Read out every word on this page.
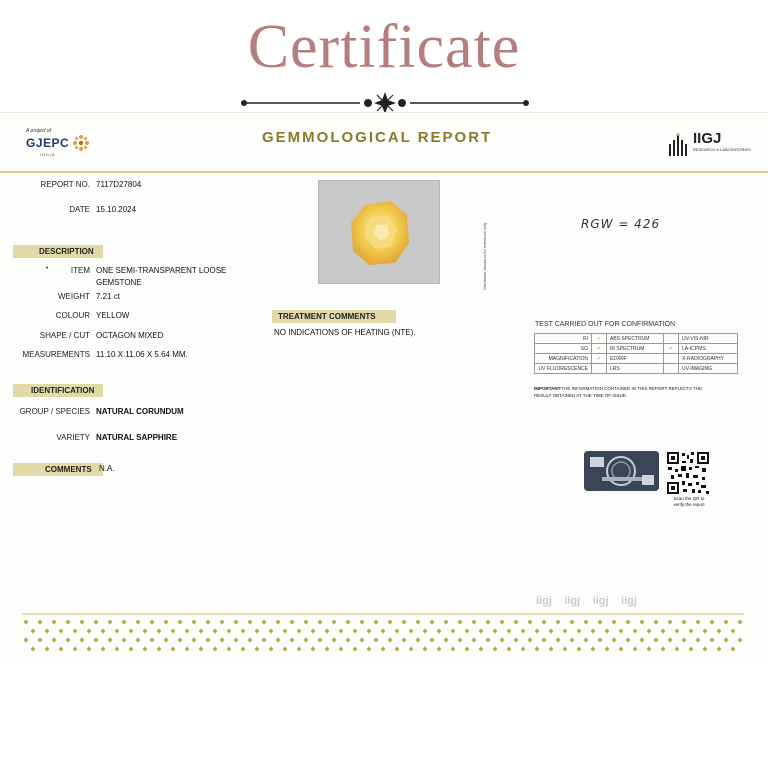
Certificate
A project of
GJEPC
INDIA
GEMMOLOGICAL REPORT	IIGJ
RESEARCH & LABORATORIES
REPORT NO. 7117D27804
DATE 15.10.2024
DESCRIPTION
•	ITEM ONE SEMI-TRANSPARENT LOOSE
GEMSTONE
WEIGHT 7.21 ct
COLOUR YELLOW
SHAPE / CUT OCTAGON MIXED
MEASUREMENTS 11.10 X 11.06 X 5.64 MM.
IDENTIFICATION
GROUP / SPECIES NATURAL CORUNDUM
VARIETY NATURAL SAPPHIRE
COMMENTS N.A.
TREATMENT COMMENTS
NO INDICATIONS OF HEATING (NTE).
Gemstone shown is for reference only	RGW = 426
TEST CARRIED OUT FOR CONFIRMATION
RI	✓	ABS SPECTRUM		UV-VIS-NIR
SG	✓	IR SPECTRUM	✓	LA-ICPMS
MAGNIFICATION	✓	EDXRF		X-RADIOGRAPHY
UV FLUORESCENCE		LRS		UV-IMAGING
IMPORTANT:THE INFORMATION CONTAINED IN THIS REPORT REFLECTS THE RESULT OBTAINED AT THE TIME OF ISSUE.
Scan the QR to
verify the report
iigj iigj iigj iigj
